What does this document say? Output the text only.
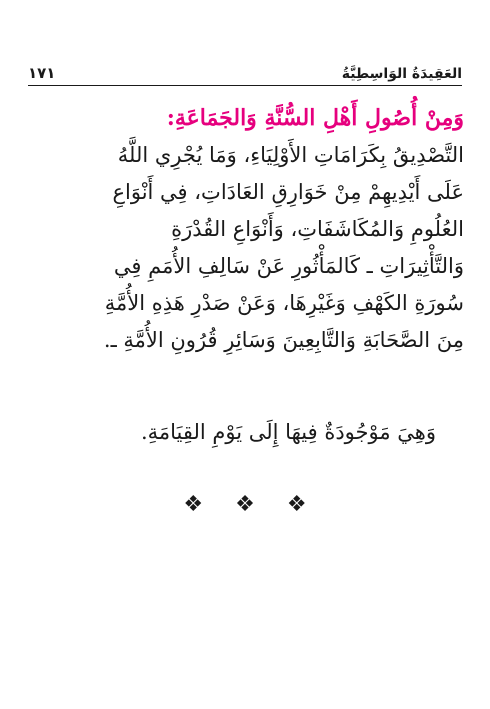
١٧١	العَقِيدَةُ الوَاسِطِيَّةُ
وَمِنْ أُصُولِ أَهْلِ السُّنَّةِ وَالجَمَاعَةِ:
التَّصْدِيقُ بِكَرَامَاتِ الأَوْلِيَاءِ، وَمَا يُجْرِي اللَّهُ
عَلَى أَيْدِيهِمْ مِنْ خَوَارِقِ العَادَاتِ، فِي أَنْوَاعِ
العُلُومِ وَالمُكَاشَفَاتِ، وَأَنْوَاعِ القُدْرَةِ
وَالتَّأْثِيرَاتِ ـ كَالمَأْثُورِ عَنْ سَالِفِ الأُمَمِ فِي
سُورَةِ الكَهْفِ وَغَيْرِهَا، وَعَنْ صَدْرِ هَذِهِ الأُمَّةِ
مِنَ الصَّحَابَةِ وَالتَّابِعِينَ وَسَائِرِ قُرُونِ الأُمَّةِ ـ.
وَهِيَ مَوْجُودَةٌ فِيهَا إِلَى يَوْمِ القِيَامَةِ.
❖ ❖ ❖
